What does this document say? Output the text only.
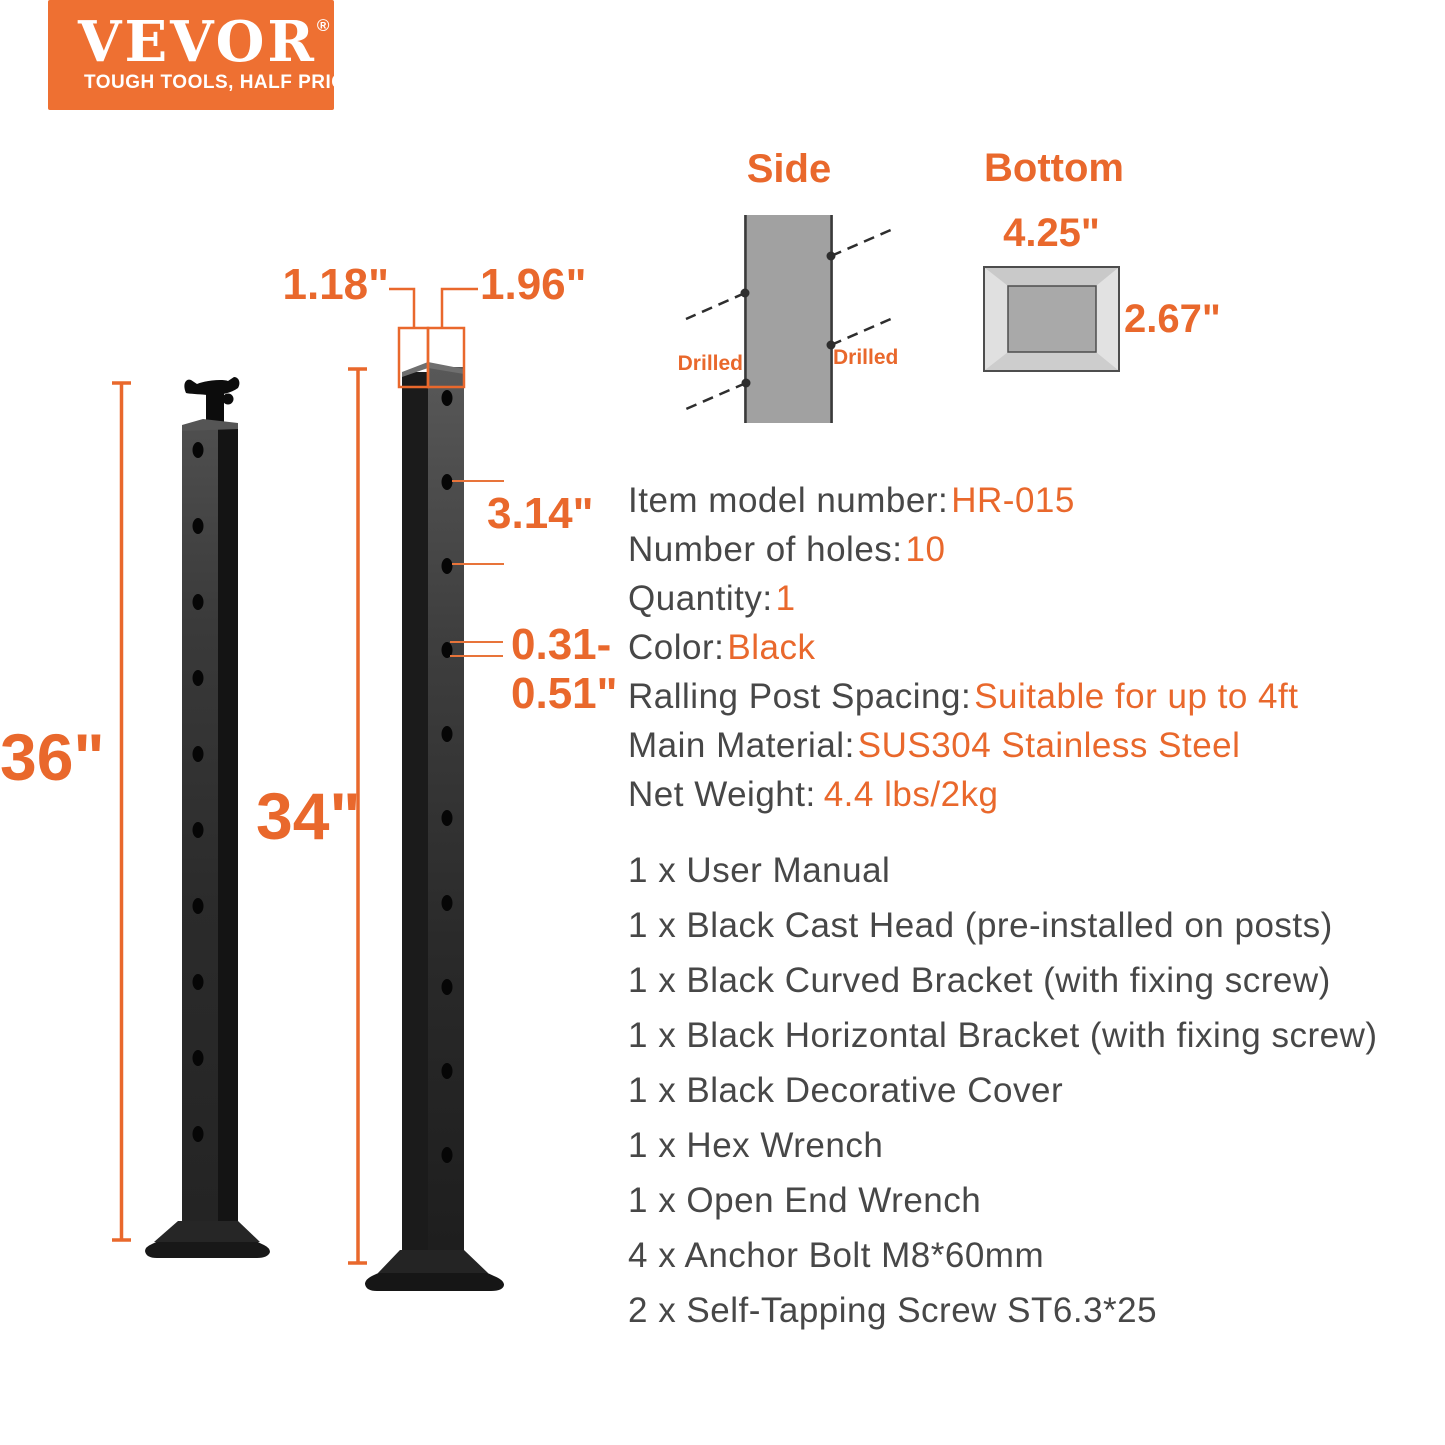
VEVOR®
TOUGH TOOLS, HALF PRICE
36"
34"
1.18" 1.96"
3.14"
0.31-
0.51"
Side	Bottom
4.25"
2.67"
Drilled	Drilled
Item model number:HR-015
Number of holes:10
Quantity:1
Color:Black
Ralling Post Spacing:Suitable for up to 4ft
Main Material:SUS304 Stainless Steel
Net Weight: 4.4 lbs/2kg
1 x User Manual
1 x Black Cast Head (pre-installed on posts)
1 x Black Curved Bracket (with fixing screw)
1 x Black Horizontal Bracket (with fixing screw)
1 x Black Decorative Cover
1 x Hex Wrench
1 x Open End Wrench
4 x Anchor Bolt M8*60mm
2 x Self-Tapping Screw ST6.3*25
